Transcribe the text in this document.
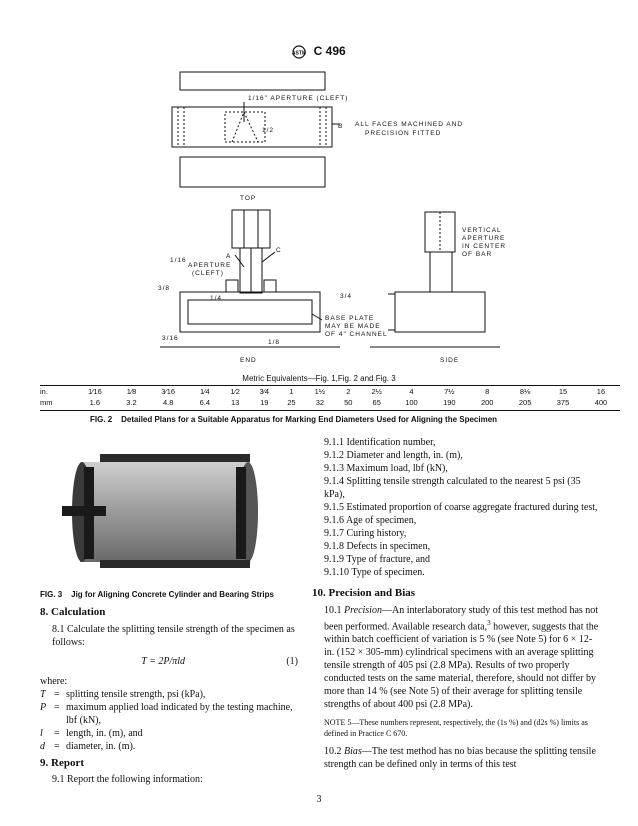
ASTM C 496
1/16" APERTURE (CLEFT)
B ALL FACES MACHINED AND
PRECISION FITTED
TOP
A
C
APERTURE
(CLEFT)
BASE PLATE
MAY BE MADE
OF 4" CHANNEL
END
VERTICAL
APERTURE
IN CENTER
OF BAR
SIDE
1/2
1/4	3/4
1/16
1/8
3/16
3/8
Metric Equivalents—Fig. 1,Fig. 2 and Fig. 3
in.	1⁄16	1⁄8	3⁄16	1⁄4	1⁄2	3⁄4	1	1½	2	2½	4	7½	8	8⅛	15	16
mm	1.6	3.2	4.8	6.4	13	19	25	32	50	65	100	190	200	205	375	400
FIG. 2 Detailed Plans for a Suitable Apparatus for Marking End Diameters Used for Aligning the Specimen
FIG. 3 Jig for Aligning Concrete Cylinder and Bearing Strips
8. Calculation

8.1 Calculate the splitting tensile strength of the specimen as follows:

T = 2P/πld	(1)

where:

T = splitting tensile strength, psi (kPa),
P = maximum applied load indicated by the testing machine, lbf (kN),
l	= length, in. (m), and
d = diameter, in. (m).
9. Report

9.1 Report the following information:

9.1.1 Identification number,

9.1.2 Diameter and length, in. (m),

9.1.3 Maximum load, lbf (kN),

9.1.4 Splitting tensile strength calculated to the nearest 5 psi (35 kPa),

9.1.5 Estimated proportion of coarse aggregate fractured during test,

9.1.6 Age of specimen,

9.1.7 Curing history,

9.1.8 Defects in specimen,

9.1.9 Type of fracture, and

9.1.10 Type of specimen.

10. Precision and Bias

10.1 Precision—An interlaboratory study of this test method has not been performed. Available research data,$^3$ however, suggests that the within batch coefficient of variation is 5 % (see Note 5) for 6 × 12-in. (152 × 305-mm) cylindrical specimens with an average splitting tensile strength of 405 psi (2.8 MPa). Results of two properly conducted tests on the same material, therefore, should not differ by more than 14 % (see Note 5) of their average for splitting tensile strengths of about 400 psi (2.8 MPa).

NOTE 5—These numbers represent, respectively, the (1s %) and (d2s %) limits as defined in Practice C 670.

10.2 Bias—The test method has no bias because the splitting tensile strength can be defined only in terms of this test

3
